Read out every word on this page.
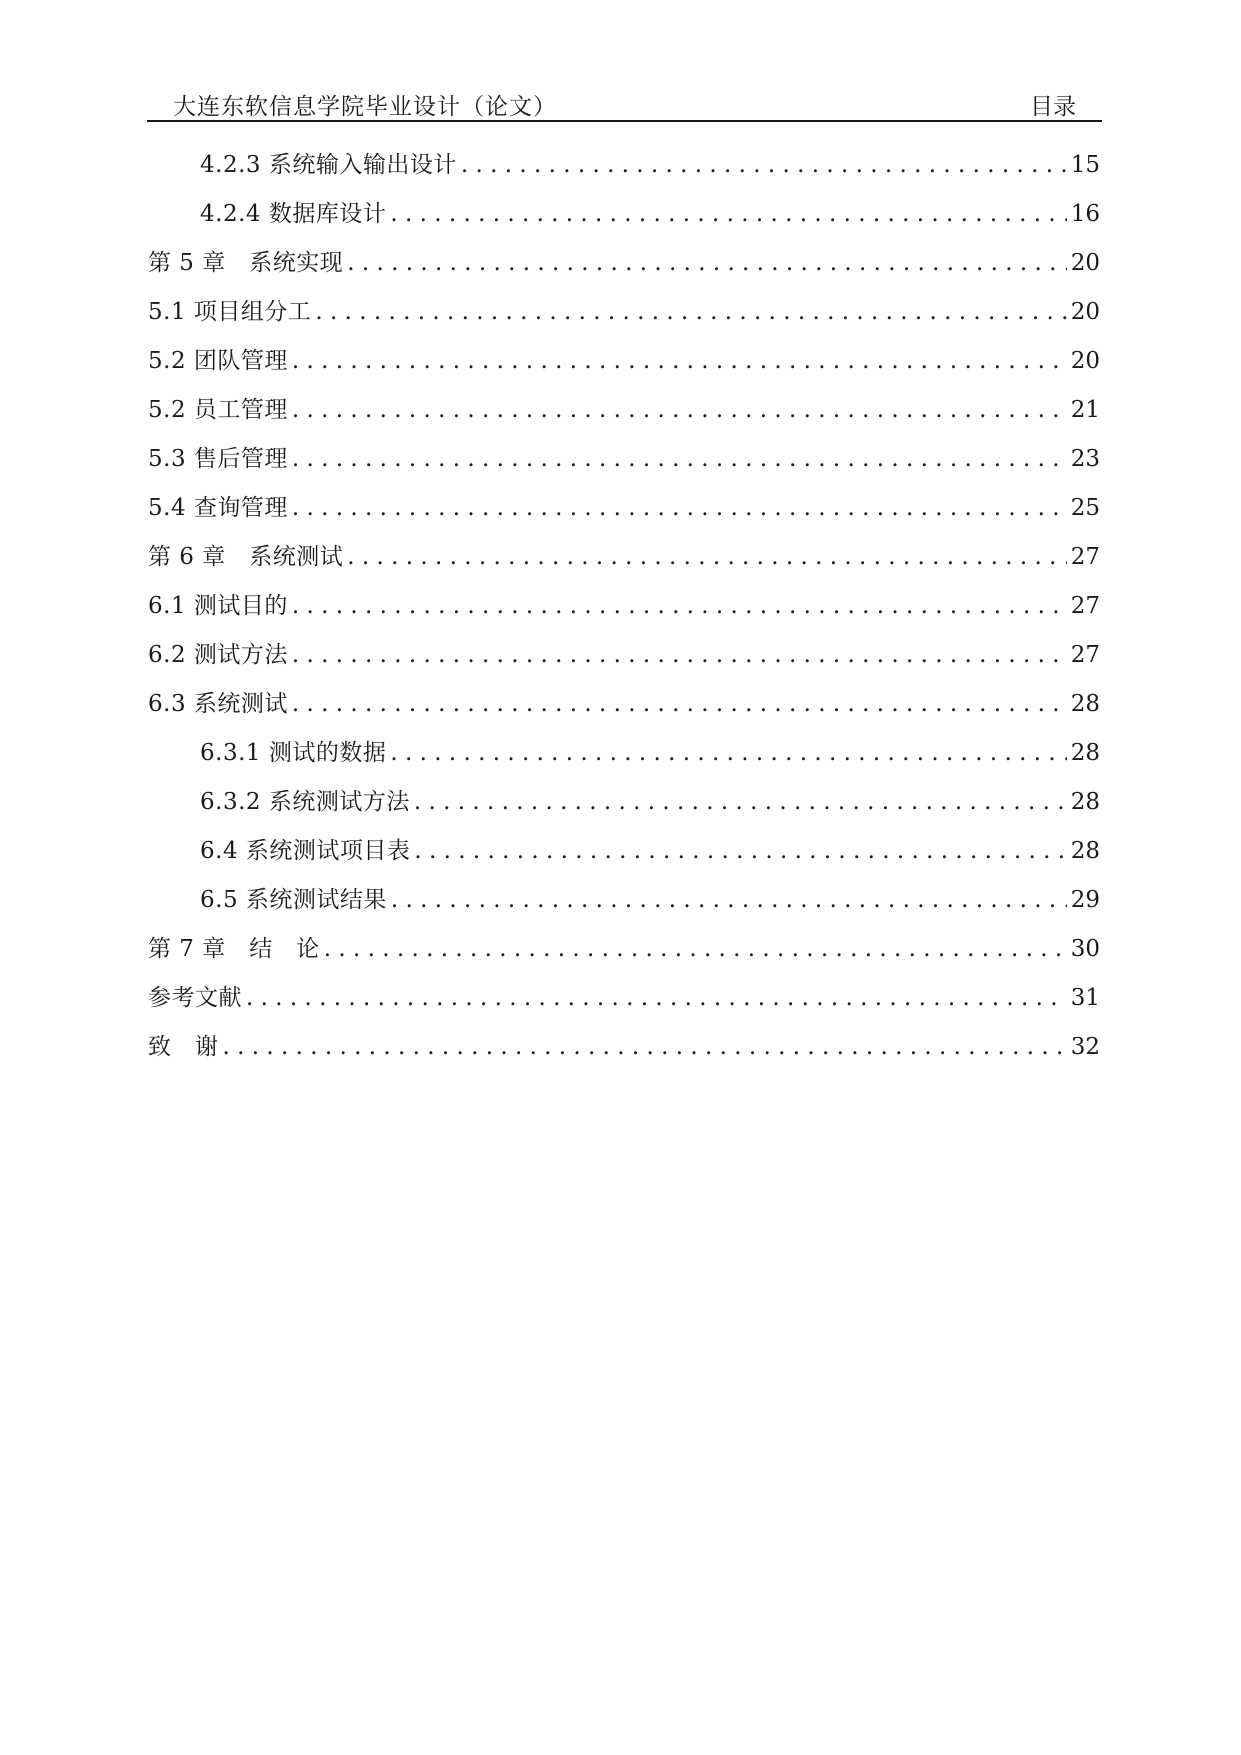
大连东软信息学院毕业设计（论文）	目录
4.2.3 系统输入输出设计 . . .	15
4.2.4 数据库设计 . . .	16
第 5 章　系统实现 . . .	20
5.1 项目组分工 . . .	20
5.2 团队管理 . . .	20
5.2 员工管理 . . .	21
5.3 售后管理 . . .	23
5.4 查询管理 . . .	25
第 6 章　系统测试 . . .	27
6.1 测试目的 . . .	27
6.2 测试方法 . . .	27
6.3 系统测试 . . .	28
6.3.1 测试的数据 . . .	28
6.3.2 系统测试方法 . . .	28
6.4 系统测试项目表 . . .	28
6.5 系统测试结果 . . .	29
第 7 章　结　论 . . .	30
参考文献 . . .	31
致　谢 . . .	32
